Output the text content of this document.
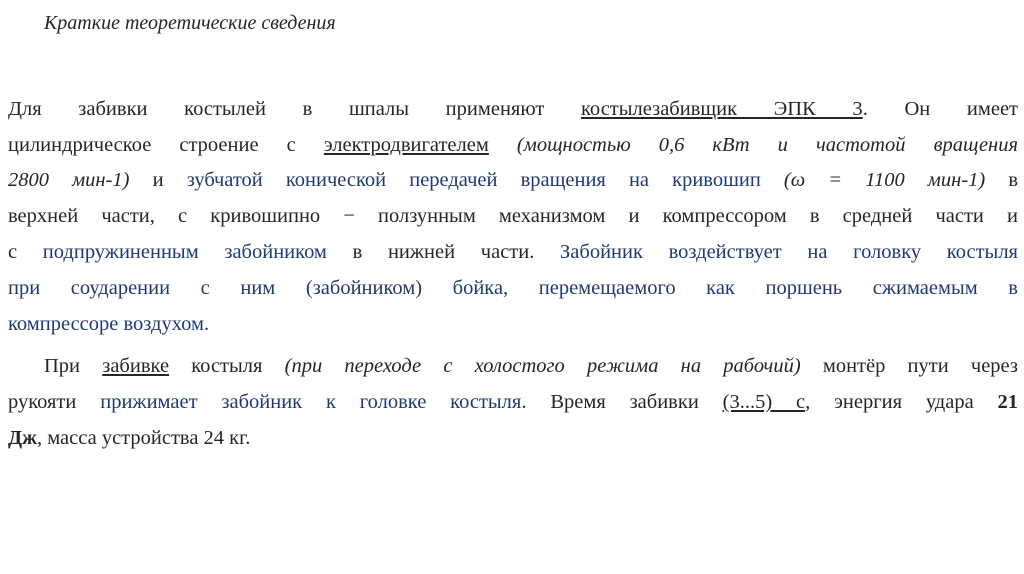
Краткие теоретические сведения
Для забивки костылей в шпалы применяют костылезабивщик ЭПК 3. Он имеет
цилиндрическое строение с электродвигателем (мощностью 0,6 кВт и частотой вращения
2800 мин-1) и зубчатой конической передачей вращения на кривошип (ω = 1100 мин-1) в
верхней части, с кривошипно − ползунным механизмом и компрессором в средней части и
с подпружиненным забойником в нижней части. Забойник воздействует на головку костыля
при соударении с ним (забойником) бойка, перемещаемого как поршень сжимаемым в
компрессоре воздухом.
При забивке костыля (при переходе с холостого режима на рабочий) монтёр пути через
рукояти прижимает забойник к головке костыля. Время забивки (3...5) с, энергия удара 21
Дж, масса устройства 24 кг.
